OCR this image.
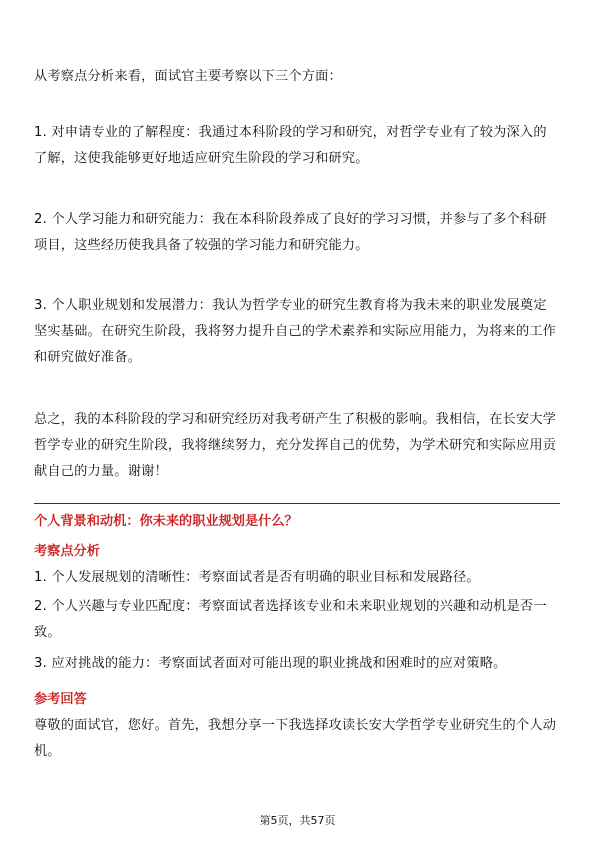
从考察点分析来看，面试官主要考察以下三个方面：

1. 对申请专业的了解程度：我通过本科阶段的学习和研究，对哲学专业有了较为深入的了解，这使我能够更好地适应研究生阶段的学习和研究。

2. 个人学习能力和研究能力：我在本科阶段养成了良好的学习习惯，并参与了多个科研项目，这些经历使我具备了较强的学习能力和研究能力。

3. 个人职业规划和发展潜力：我认为哲学专业的研究生教育将为我未来的职业发展奠定坚实基础。在研究生阶段，我将努力提升自己的学术素养和实际应用能力，为将来的工作和研究做好准备。

总之，我的本科阶段的学习和研究经历对我考研产生了积极的影响。我相信，在长安大学哲学专业的研究生阶段，我将继续努力，充分发挥自己的优势，为学术研究和实际应用贡献自己的力量。谢谢！

个人背景和动机：你未来的职业规划是什么？

考察点分析

1. 个人发展规划的清晰性：考察面试者是否有明确的职业目标和发展路径。

2. 个人兴趣与专业匹配度：考察面试者选择该专业和未来职业规划的兴趣和动机是否一致。

3. 应对挑战的能力：考察面试者面对可能出现的职业挑战和困难时的应对策略。

参考回答

尊敬的面试官，您好。首先，我想分享一下我选择攻读长安大学哲学专业研究生的个人动机。

第5页，共57页
